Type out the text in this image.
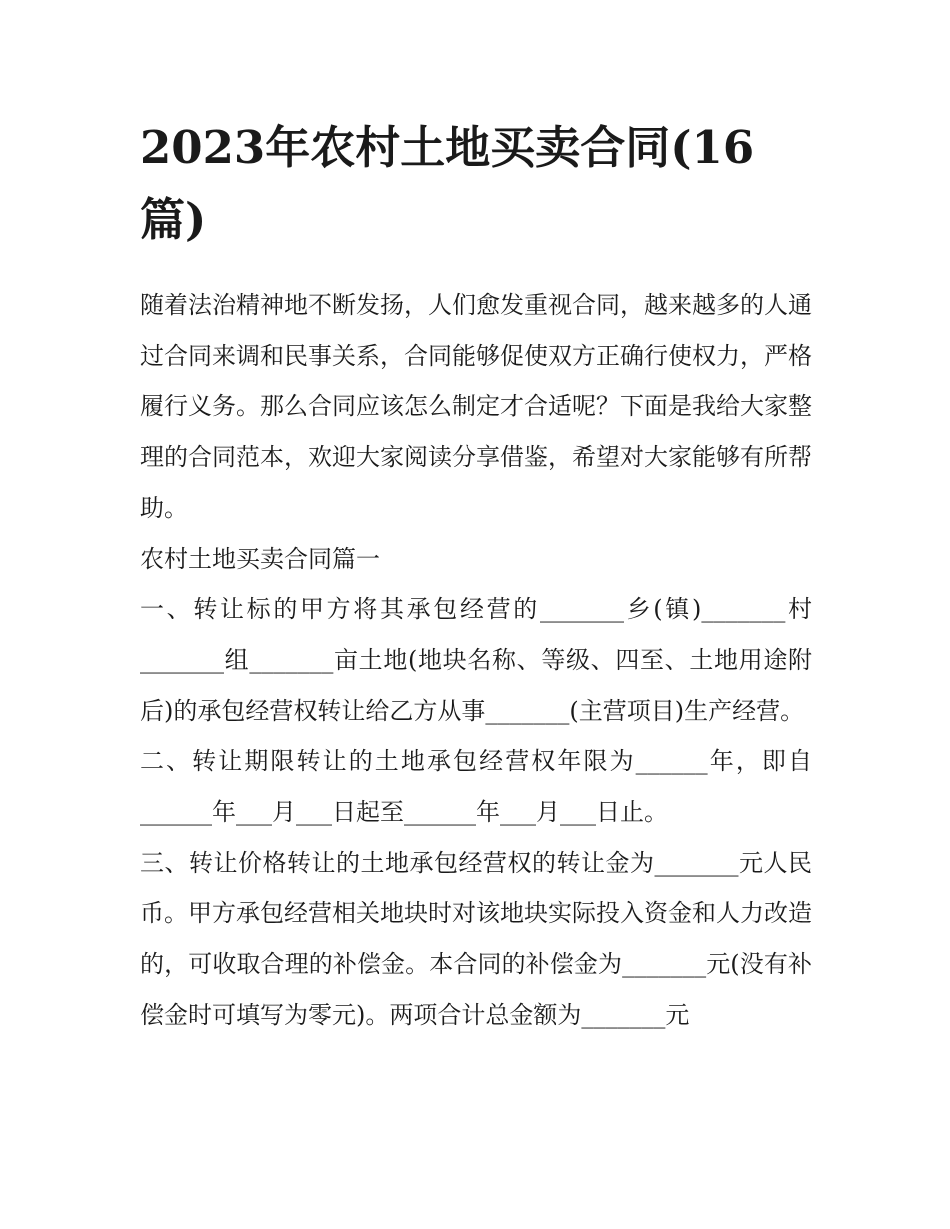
2023年农村土地买卖合同(16篇)

随着法治精神地不断发扬，人们愈发重视合同，越来越多的人通过合同来调和民事关系，合同能够促使双方正确行使权力，严格履行义务。那么合同应该怎么制定才合适呢？下面是我给大家整理的合同范本，欢迎大家阅读分享借鉴，希望对大家能够有所帮助。

农村土地买卖合同篇一

一、转让标的甲方将其承包经营的_______乡(镇)_______村_______组_______亩土地(地块名称、等级、四至、土地用途附后)的承包经营权转让给乙方从事_______(主营项目)生产经营。

二、转让期限转让的土地承包经营权年限为______年，即自______年___月___日起至______年___月___日止。

三、转让价格转让的土地承包经营权的转让金为_______元人民币。甲方承包经营相关地块时对该地块实际投入资金和人力改造的，可收取合理的补偿金。本合同的补偿金为_______元(没有补偿金时可填写为零元)。两项合计总金额为_______元
